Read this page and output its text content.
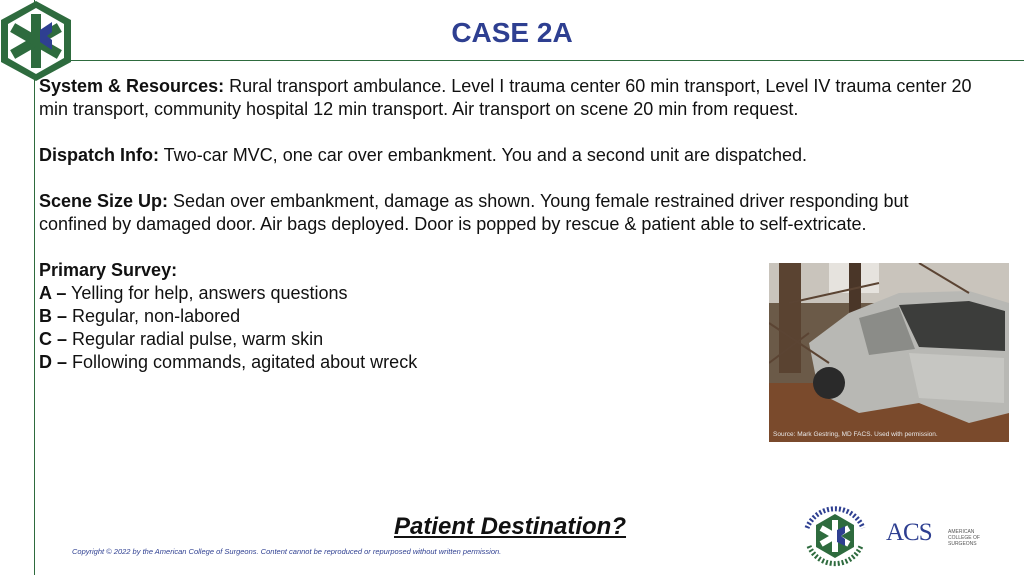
CASE 2A

System & Resources: Rural transport ambulance. Level I trauma center 60 min transport, Level IV trauma center 20 min transport, community hospital 12 min transport. Air transport on scene 20 min from request.

Dispatch Info: Two-car MVC, one car over embankment. You and a second unit are dispatched.

Scene Size Up: Sedan over embankment, damage as shown. Young female restrained driver responding but confined by damaged door. Air bags deployed. Door is popped by rescue & patient able to self-extricate.

Primary Survey:
A – Yelling for help, answers questions
B – Regular, non-labored
C – Regular radial pulse, warm skin
D – Following commands, agitated about wreck
Source: Mark Gestring, MD FACS. Used with permission.
Patient Destination?
Copyright © 2022 by the American College of Surgeons. Content cannot be reproduced or repurposed without written permission.
ACS	AMERICAN COLLEGE OF SURGEONS
